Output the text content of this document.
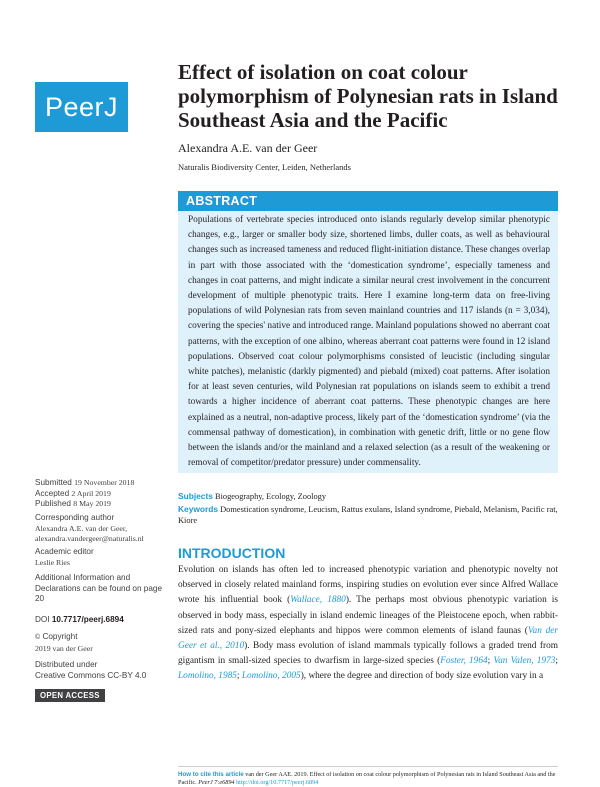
PeerJ
Effect of isolation on coat colour polymorphism of Polynesian rats in Island Southeast Asia and the Pacific
Alexandra A.E. van der Geer
Naturalis Biodiversity Center, Leiden, Netherlands
ABSTRACT

Populations of vertebrate species introduced onto islands regularly develop similar phenotypic changes, e.g., larger or smaller body size, shortened limbs, duller coats, as well as behavioural changes such as increased tameness and reduced flight-initiation distance. These changes overlap in part with those associated with the ‘domestication syndrome’, especially tameness and changes in coat patterns, and might indicate a similar neural crest involvement in the concurrent development of multiple phenotypic traits. Here I examine long-term data on free-living populations of wild Polynesian rats from seven mainland countries and 117 islands (n = 3,034), covering the species' native and introduced range. Mainland populations showed no aberrant coat patterns, with the exception of one albino, whereas aberrant coat patterns were found in 12 island populations. Observed coat colour polymorphisms consisted of leucistic (including singular white patches), melanistic (darkly pigmented) and piebald (mixed) coat patterns. After isolation for at least seven centuries, wild Polynesian rat populations on islands seem to exhibit a trend towards a higher incidence of aberrant coat patterns. These phenotypic changes are here explained as a neutral, non-adaptive process, likely part of the ‘domestication syndrome’ (via the commensal pathway of domestication), in combination with genetic drift, little or no gene flow between the islands and/or the mainland and a relaxed selection (as a result of the weakening or removal of competitor/predator pressure) under commensality.

Submitted 19 November 2018
Accepted 2 April 2019
Published 8 May 2019
Corresponding author
Alexandra A.E. van der Geer,
alexandra.vandergeer@naturalis.nl
Academic editor
Leslie Ries
Additional Information and Declarations can be found on page 20
DOI 10.7717/peerj.6894
© Copyright
2019 van der Geer
Distributed under
Creative Commons CC-BY 4.0
OPEN ACCESS

Subjects Biogeography, Ecology, Zoology

Keywords Domestication syndrome, Leucism, Rattus exulans, Island syndrome, Piebald, Melanism, Pacific rat, Kiore

INTRODUCTION

Evolution on islands has often led to increased phenotypic variation and phenotypic novelty not observed in closely related mainland forms, inspiring studies on evolution ever since Alfred Wallace wrote his influential book (Wallace, 1880). The perhaps most obvious phenotypic variation is observed in body mass, especially in island endemic lineages of the Pleistocene epoch, when rabbit-sized rats and pony-sized elephants and hippos were common elements of island faunas (Van der Geer et al., 2010). Body mass evolution of island mammals typically follows a graded trend from gigantism in small-sized species to dwarfism in large-sized species (Foster, 1964; Van Valen, 1973; Lomolino, 1985; Lomolino, 2005), where the degree and direction of body size evolution vary in a

How to cite this article van der Geer AAE. 2019. Effect of isolation on coat colour polymorphism of Polynesian rats in Island Southeast Asia and the Pacific. PeerJ 7:e6894 http://doi.org/10.7717/peerj.6894
